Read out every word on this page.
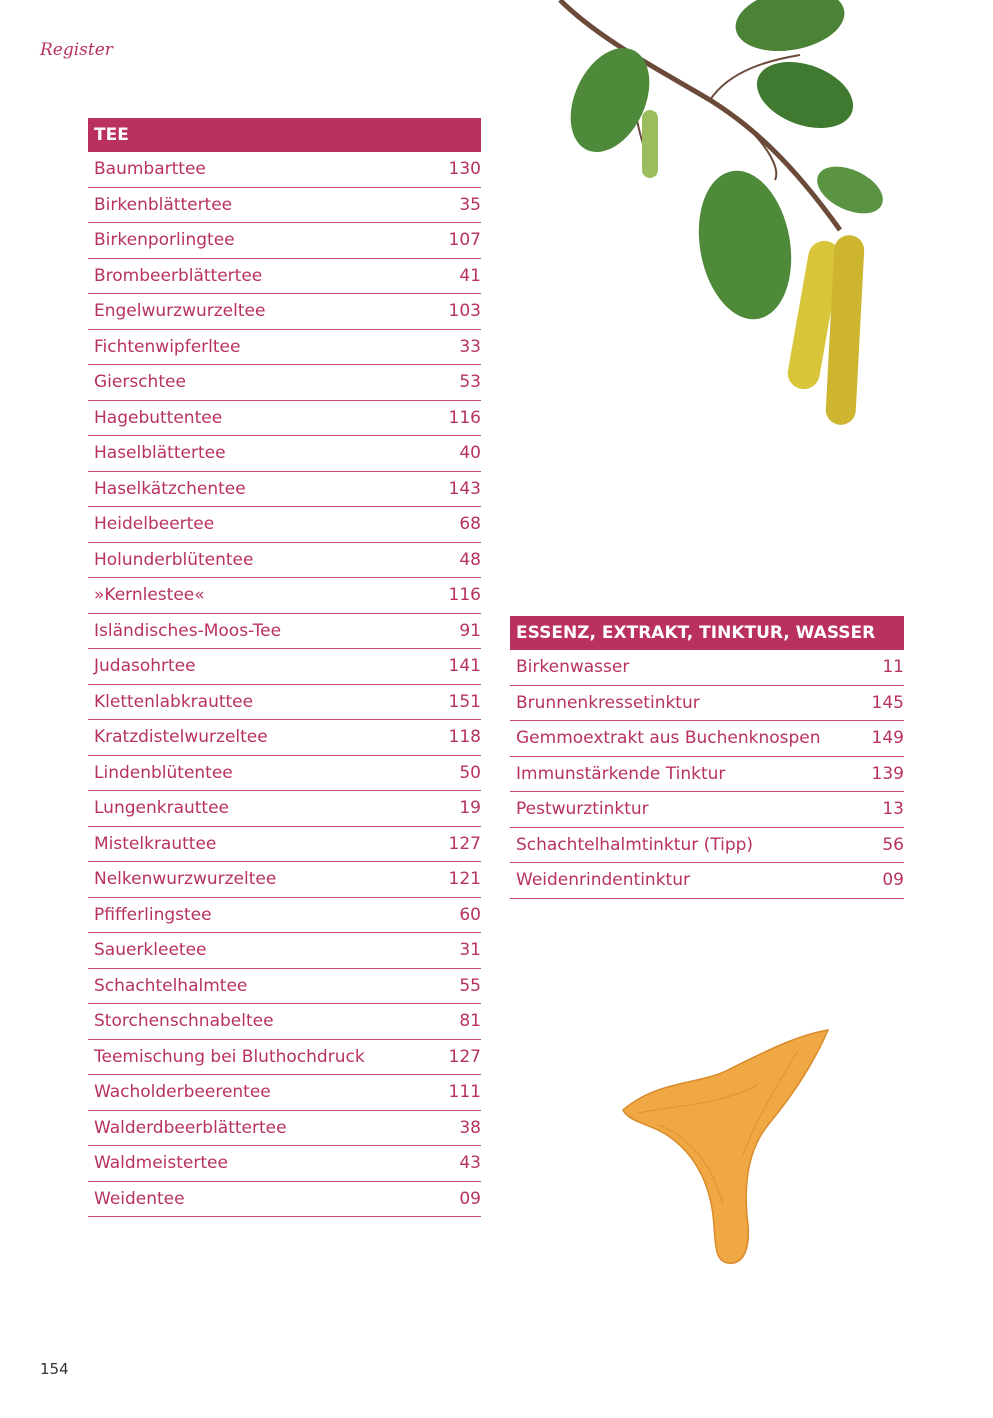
Register
TEE
Baumbarttee	130
Birkenblättertee	35
Birkenporlingtee	107
Brombeerblättertee	41
Engelwurzwurzeltee	103
Fichtenwipferltee	33
Gierschtee	53
Hagebuttentee	116
Haselblättertee	40
Haselkätzchentee	143
Heidelbeertee	68
Holunderblütentee	48
»Kernlestee«	116
Isländisches-Moos-Tee	91
Judasohrtee	141
Klettenlabkrauttee	151
Kratzdistelwurzeltee	118
Lindenblütentee	50
Lungenkrauttee	19
Mistelkrauttee	127
Nelkenwurzwurzeltee	121
Pfifferlingstee	60
Sauerkleetee	31
Schachtelhalmtee	55
Storchenschnabeltee	81
Teemischung bei Bluthochdruck	127
Wacholderbeerentee	111
Walderdbeerblättertee	38
Waldmeistertee	43
Weidentee	09
ESSENZ, EXTRAKT, TINKTUR, WASSER
Birkenwasser	11
Brunnenkressetinktur	145
Gemmoextrakt aus Buchenknospen	149
Immunstärkende Tinktur	139
Pestwurztinktur	13
Schachtelhalmtinktur (Tipp)	56
Weidenrindentinktur	09
154
